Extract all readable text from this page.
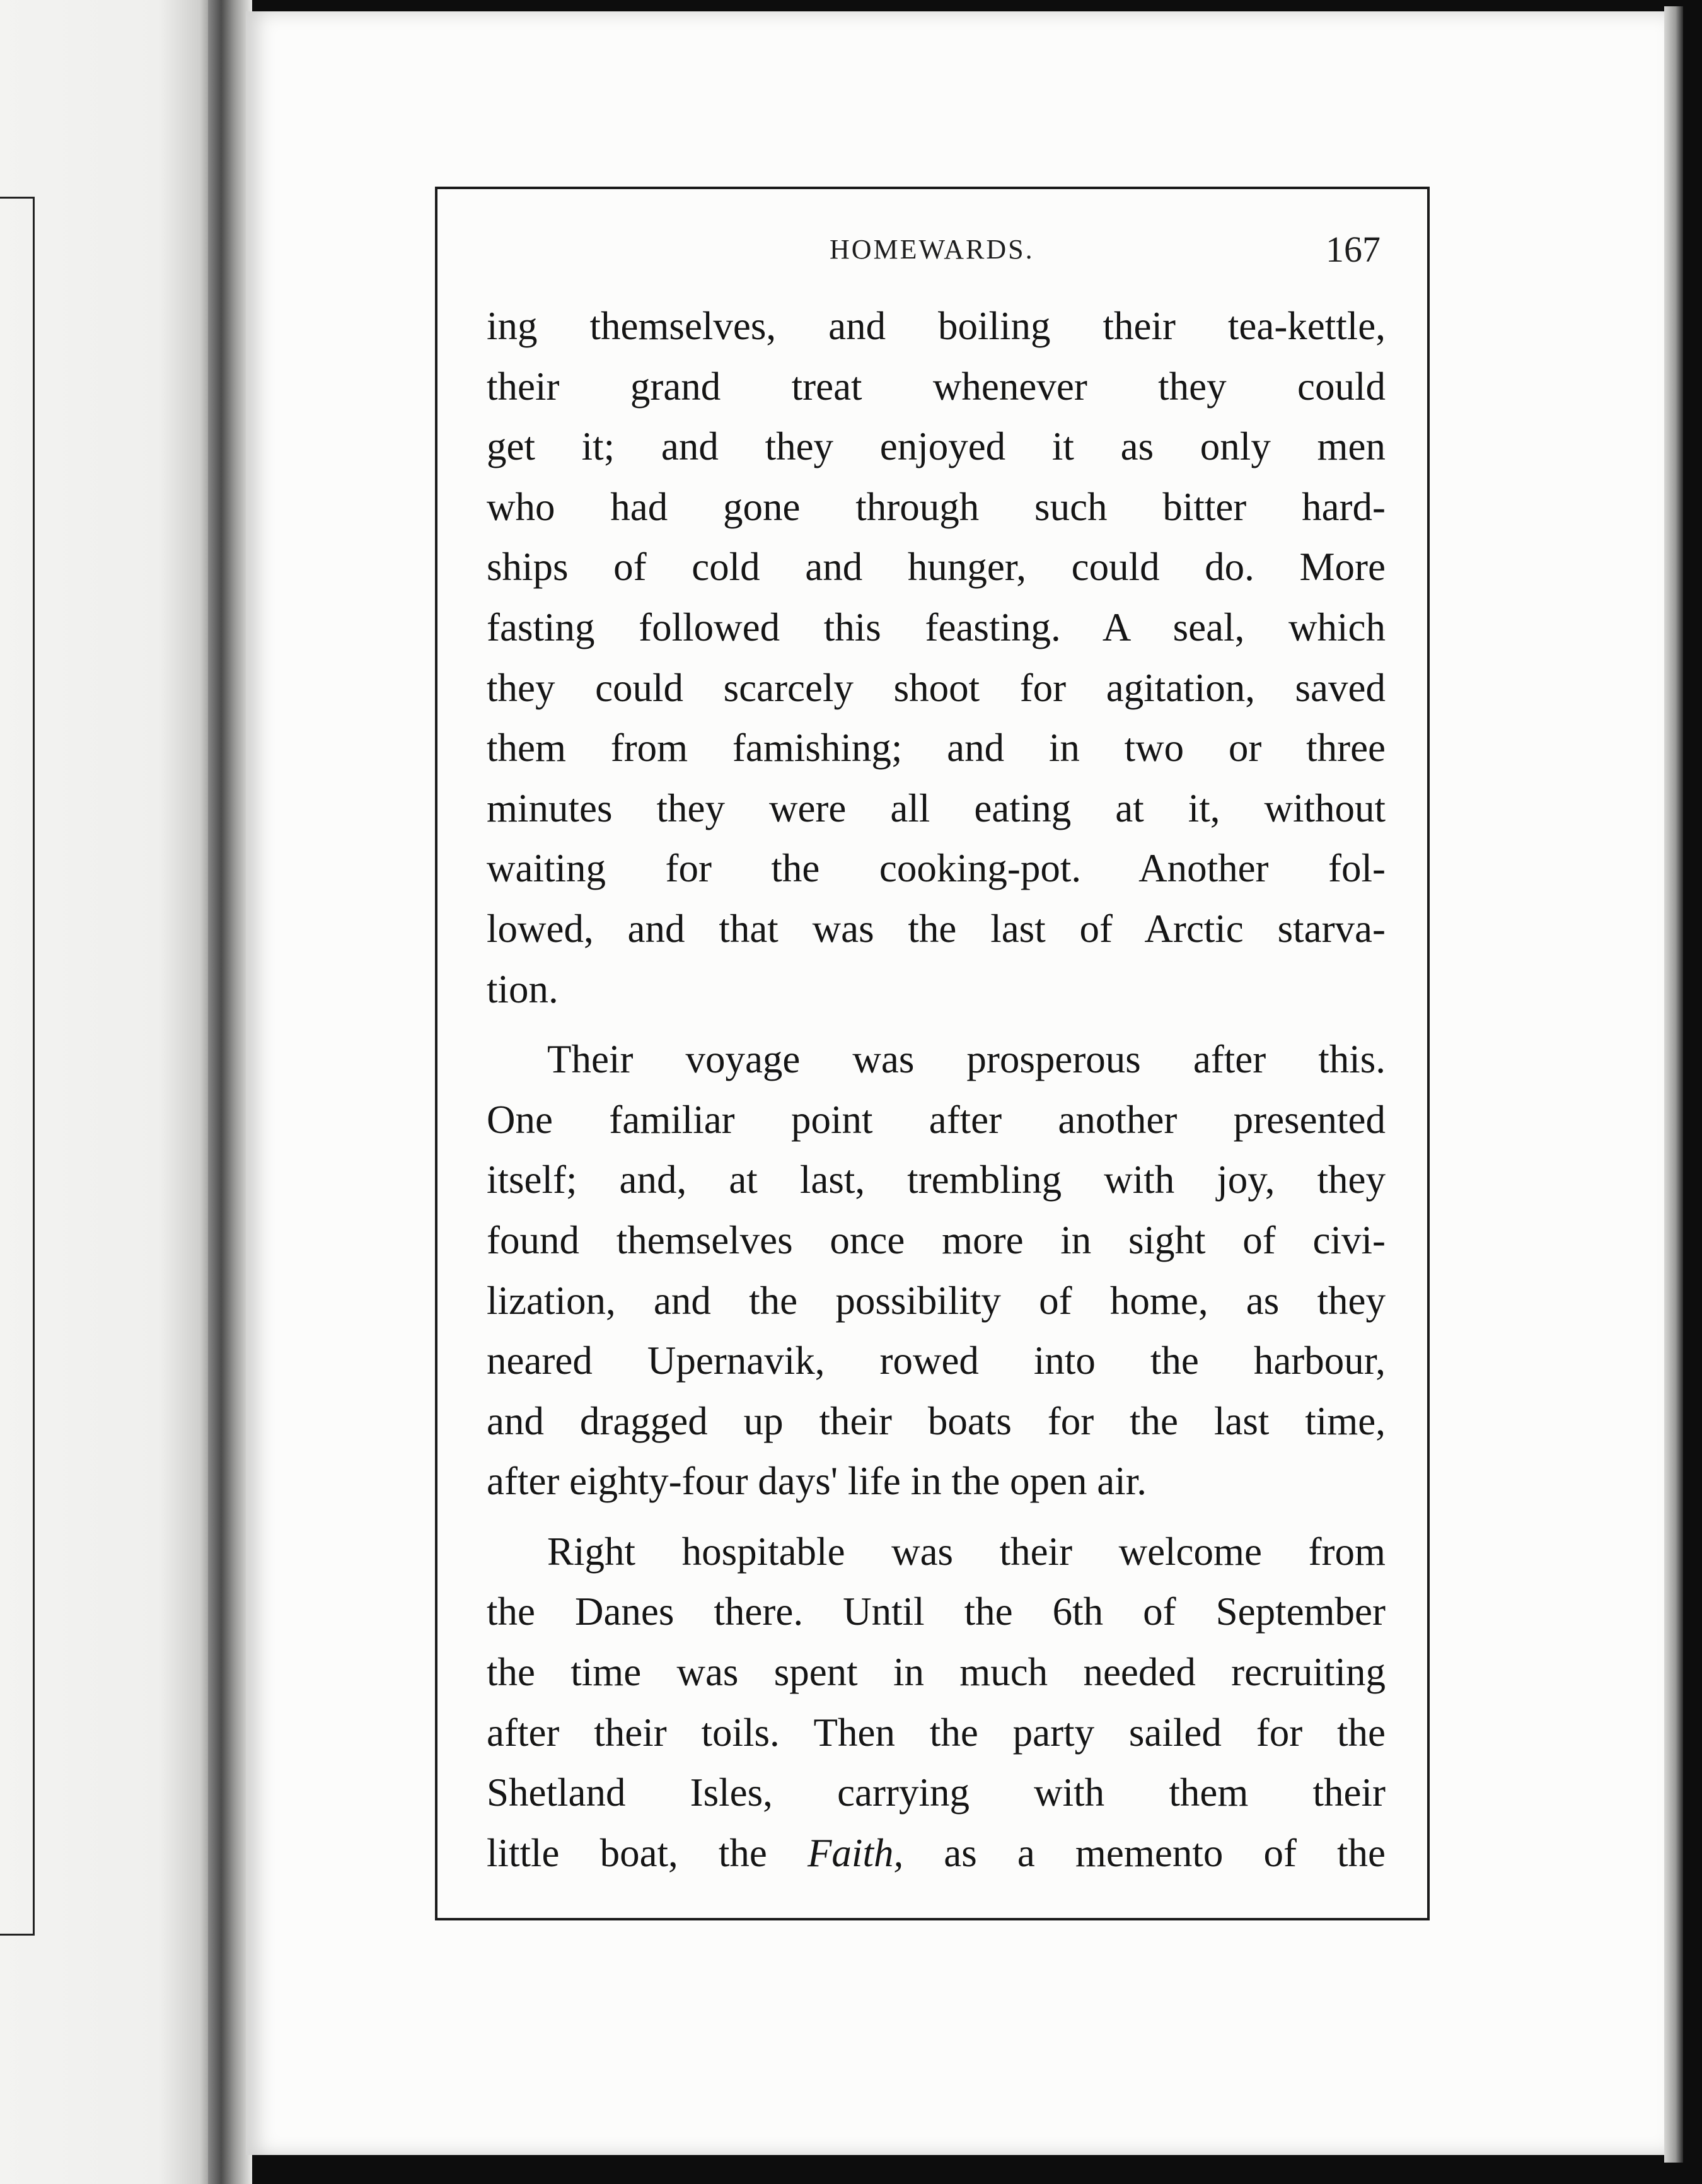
HOMEWARDS.	167

ing themselves, and boiling their tea-kettle,
their grand treat whenever they could
get it; and they enjoyed it as only men
who had gone through such bitter hard-
ships of cold and hunger, could do. More
fasting followed this feasting. A seal, which
they could scarcely shoot for agitation, saved
them from famishing; and in two or three
minutes they were all eating at it, without
waiting for the cooking-pot. Another fol-
lowed, and that was the last of Arctic starva-
tion.

Their voyage was prosperous after this.
One familiar point after another presented
itself; and, at last, trembling with joy, they
found themselves once more in sight of civi-
lization, and the possibility of home, as they
neared Upernavik, rowed into the harbour,
and dragged up their boats for the last time,
after eighty-four days' life in the open air.

Right hospitable was their welcome from
the Danes there. Until the 6th of September
the time was spent in much needed recruiting
after their toils. Then the party sailed for the
Shetland Isles, carrying with them their
little boat, the Faith, as a memento of the
